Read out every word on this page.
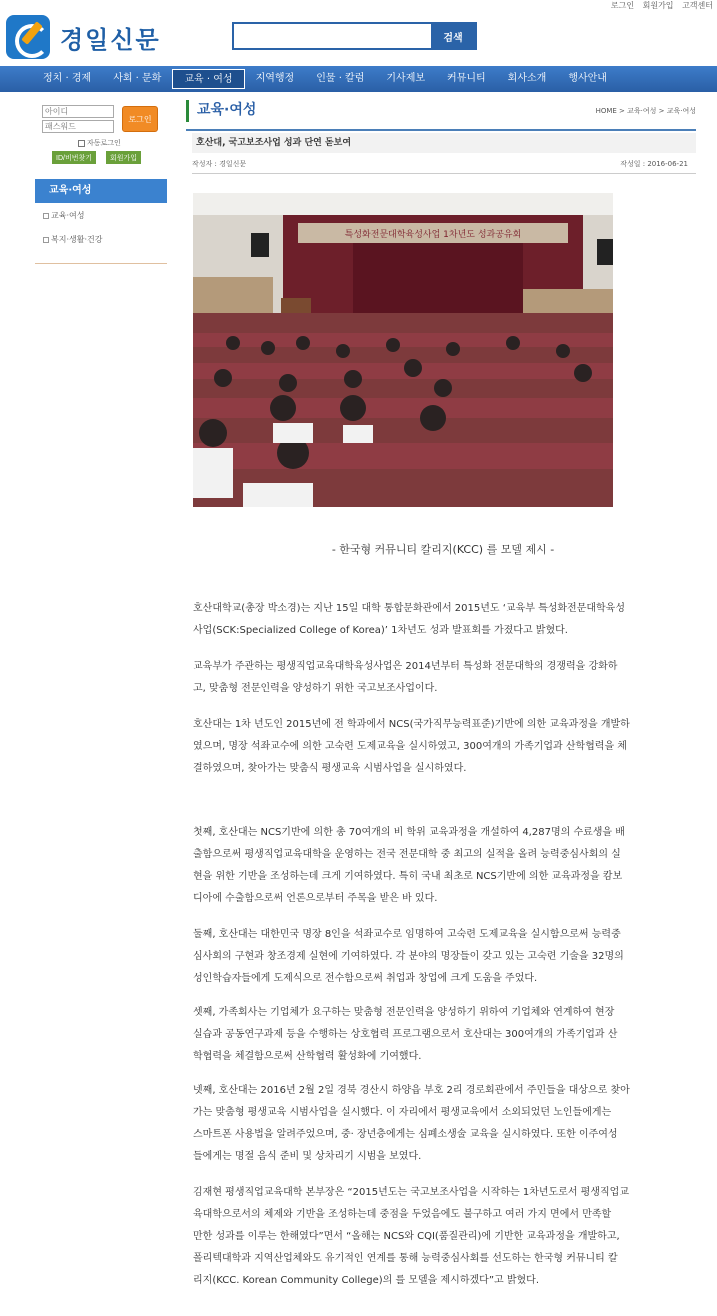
로그인 회원가입 고객센터
경일신문	검색
정치 · 경제	사회 · 문화	교육 · 여성	지역행정	인물 · 칼럼	기사제보	커뮤니티	회사소개	행사안내
아이디
패스워드
로그인
자동로그인
ID/비번찾기	회원가입
교육·여성
교육·여성
복지·생활·건강
교육·여성	HOME > 교육·여성 > 교육·여성
호산대, 국고보조사업 성과 단연 돋보여
작성자 : 경일신문	작성일 : 2016-06-21
특성화전문대학육성사업 1차년도 성과공유회
- 한국형 커뮤니티 칼리지(KCC) 를 모델 제시 -
호산대학교(총장 박소경)는 지난 15일 대학 통합문화관에서 2015년도 ‘교육부 특성화전문대학육성
사업(SCK:Specialized College of Korea)’ 1차년도 성과 발표회를 가졌다고 밝혔다.
교육부가 주관하는 평생직업교육대학육성사업은 2014년부터 특성화 전문대학의 경쟁력을 강화하
고, 맞춤형 전문인력을 양성하기 위한 국고보조사업이다.
호산대는 1차 년도인 2015년에 전 학과에서 NCS(국가직무능력표준)기반에 의한 교육과정을 개발하
였으며, 명장 석좌교수에 의한 고숙련 도제교육을 실시하였고, 300여개의 가족기업과 산학협력을 체
결하였으며, 찾아가는 맞춤식 평생교육 시범사업을 실시하였다.
첫째, 호산대는 NCS기반에 의한 총 70여개의 비 학위 교육과정을 개설하여 4,287명의 수료생을 배
출함으로써 평생직업교육대학을 운영하는 전국 전문대학 중 최고의 실적을 올려 능력중심사회의 실
현을 위한 기반을 조성하는데 크게 기여하였다. 특히 국내 최초로 NCS기반에 의한 교육과정을 캄보
디아에 수출함으로써 언론으로부터 주목을 받은 바 있다.
둘째, 호산대는 대한민국 명장 8인을 석좌교수로 임명하여 고숙련 도제교육을 실시함으로써 능력중
심사회의 구현과 창조경제 실현에 기여하였다. 각 분야의 명장들이 갖고 있는 고숙련 기술을 32명의
성인학습자들에게 도제식으로 전수함으로써 취업과 창업에 크게 도움을 주었다.
셋째, 가족회사는 기업체가 요구하는 맞춤형 전문인력을 양성하기 위하여 기업체와 연계하여 현장
실습과 공동연구과제 등을 수행하는 상호협력 프로그램으로서 호산대는 300여개의 가족기업과 산
학협력을 체결함으로써 산학협력 활성화에 기여했다.
넷째, 호산대는 2016년 2월 2일 경북 경산시 하양읍 부호 2리 경로회관에서 주민들을 대상으로 찾아
가는 맞춤형 평생교육 시범사업을 실시했다. 이 자리에서 평생교육에서 소외되었던 노인들에게는
스마트폰 사용법을 알려주었으며, 중· 장년층에게는 심폐소생술 교육을 실시하였다. 또한 이주여성
들에게는 명절 음식 준비 및 상차리기 시범을 보였다.
김재현 평생직업교육대학 본부장은 “2015년도는 국고보조사업을 시작하는 1차년도로서 평생직업교
육대학으로서의 체제와 기반을 조성하는데 중점을 두었음에도 불구하고 여러 가지 면에서 만족할
만한 성과를 이루는 한해였다”면서 “올해는 NCS와 CQI(품질관리)에 기반한 교육과정을 개발하고,
폴리텍대학과 지역산업체와도 유기적인 연계를 통해 능력중심사회를 선도하는 한국형 커뮤니티 칼
리지(KCC. Korean Community College)의 를 모델을 제시하겠다”고 밝혔다.
